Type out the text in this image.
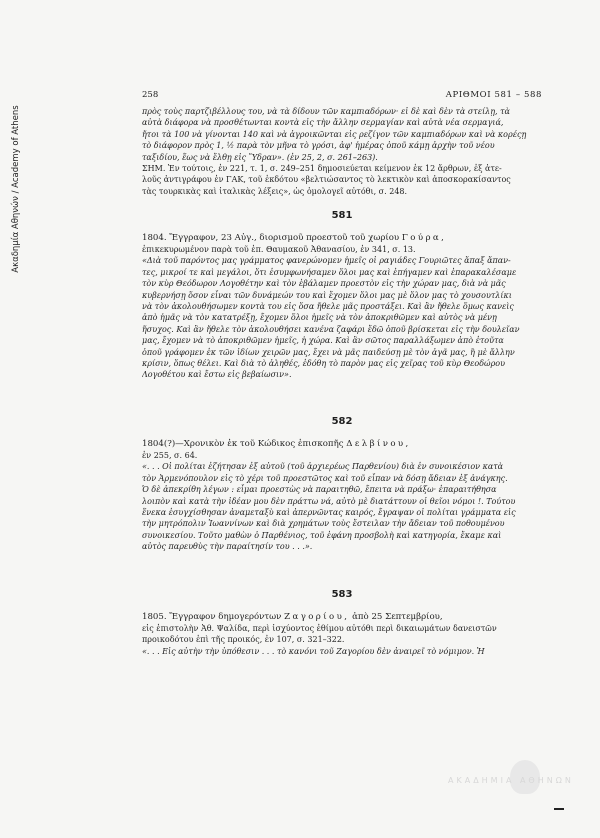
Ακαδημία Αθηνών / Academy of Athens
258	ΑΡΙΘΜΟΙ 581 – 588
πρὸς τοὺς παρτζιβέλλους του, νὰ τὰ δίδουν τῶν καμπιαδόρων· εἰ δὲ καὶ δὲν τὰ στείλῃ, τὰ
αὐτὰ διάφορα νὰ προσθέτωνται κοντὰ εἰς τὴν ἄλλην σερμαγίαν καὶ αὐτὰ νέα σερμαγιά,
ἤτοι τὰ 100 νὰ γίνονται 140 καὶ νὰ ἀγροικῶνται εἰς ρεζίγον τῶν καμπιαδόρων καὶ νὰ κορέςῃ
τὸ διάφορον πρὸς 1, ½ παρὰ τὸν μῆνα τὸ γρόσι, ἀφ' ἡμέρας ὁποῦ κάμῃ ἀρχὴν τοῦ νέου
ταξιδίου, ἕως νὰ ἔλθῃ εἰς Ὕδραν». (ἐν 25, 2, σ. 261–263).
ΣΗΜ. Ἐν τούτοις, ἐν 221, τ. 1, σ. 249–251 δημοσιεύεται κείμενον ἐκ 12 ἄρθρων, ἐξ ἀτε-
λοῦς ἀντιγράφου ἐν ΓΑΚ, τοῦ ἐκδότου «βελτιώσαντος τὸ λεκτικὸν καὶ ἀποσκορακίσαντος
τὰς τουρκικὰς καὶ ἰταλικὰς λέξεις», ὡς ὁμολογεῖ αὐτόθι, σ. 248.
581
1804. Ἔγγραφον, 23 Αὐγ., διορισμοῦ προεστοῦ τοῦ χωρίου Γούρα,
ἐπικεκυρωμένον παρὰ τοῦ ἐπ. Θαυμακοῦ Ἀθανασίου, ἐν 341, σ. 13.
«Διὰ τοῦ παρόντος μας γράμματος φανερώνομεν ἡμεῖς οἱ ραγιάδες Γουριῶτες ἅπαξ ἅπαν-
τες, μικροί τε καὶ μεγάλοι, ὅτι ἐσυμφωνήσαμεν ὅλοι μας καὶ ἐπήγαμεν καὶ ἐπαρακαλέσαμε
τὸν κὺρ Θεόδωρον Λογοθέτην καὶ τὸν ἐβάλαμεν προεστὸν εἰς τὴν χώραν μας, διὰ νὰ μᾶς
κυβερνήσῃ ὅσον εἶναι τῶν δυνάμεών του καὶ ἔχομεν ὅλοι μας μὲ ὅλον μας τὸ χουσουτλίκι
νὰ τὸν ἀκολουθήσωμεν κοντὰ του εἰς ὅσα ἤθελε μᾶς προστάξει. Καὶ ἂν ἤθελε ὅμως κανεὶς
ἀπὸ ἡμᾶς νὰ τὸν κατατρέξῃ, ἔχομεν ὅλοι ἡμεῖς νὰ τὸν ἀποκριθῶμεν καὶ αὐτὸς νὰ μένῃ
ἥσυχος. Καὶ ἂν ἤθελε τὸν ἀκολουθήσει κανένα ζαφάρι ἔδῶ ὁποῦ βρίσκεται εἰς τὴν δουλεῖαν
μας, ἔχομεν νὰ τὸ ἀποκριθῶμεν ἡμεῖς, ἡ χώρα. Καὶ ἂν σῶτος παραλλάξωμεν ἀπὸ ἐτοῦτα
ὁποῦ γράφομεν ἐκ τῶν ἰδίων χειρῶν μας, ἔχει νὰ μᾶς παιδεύσῃ μὲ τὸν ἀγᾶ μας, ἢ μὲ ἄλλην
κρίσιν, ὅπως θέλει. Καὶ διὰ τὸ ἀληθές, ἐδόθη τὸ παρὸν μας εἰς χεῖρας τοῦ κὺρ Θεοδώρου
Λογοθέτου καὶ ἔστω εἰς βεβαίωσιν».
582
1804(?)—Χρονικὸν ἐκ τοῦ Κώδικος ἐπισκοπῆς Δελβίνου,
ἐν 255, σ. 64.
«. . . Οἱ πολίται ἐζήτησαν ἐξ αὐτοῦ (τοῦ ἀρχιερέως Παρθενίου) διὰ ἐν συνοικέσιον κατὰ
τὸν Ἀρμενόπουλον εἰς τὸ χέρι τοῦ προεστῶτος καὶ τοῦ εἶπαν νὰ δόσῃ ἄδειαν ἐξ ἀνάγκης.
Ὁ δὲ ἀπεκρίθη λέγων : εἶμαι προεστὼς νὰ παραιτηθῶ, ἔπειτα νὰ πράξω· ἐπαραιτήθησα
λοιπὸν καὶ κατὰ τὴν ἰδέαν μου δὲν πράττω νά, αὐτὸ μὲ διατάττουν οἱ θεῖοι νόμοι !. Τούτου
ἕνεκα ἐσυγχίσθησαν ἀναμεταξὺ καὶ ἀπερνῶντας καιρός, ἔγραψαν οἱ πολίται γράμματα εἰς
τὴν μητρόπολιν Ἰωαννίνων καὶ διὰ χρημάτων τοὺς ἔστειλαν τὴν ἄδειαν τοῦ ποθουμένου
συνοικεσίου. Τοῦτο μαθὼν ὁ Παρθένιος, τοῦ ἐφάνη προσβολὴ καὶ κατηγορία, ἔκαμε καὶ
αὐτὸς παρευθὺς τὴν παραίτησίν του . . .».
583
1805. Ἔγγραφον δημογερόντων Ζαγορίου, ἀπὸ 25 Σεπτεμβρίου,
εἰς ἐπιστολὴν Ἀθ. Ψαλίδα, περὶ ἰσχύοντος ἐθίμου αὐτόθι περὶ δικαιωμάτων δανειστῶν
προικοδότου ἐπὶ τῆς προικός, ἐν 107, σ. 321–322.
«. . . Εἰς αὐτὴν τὴν ὑπόθεσιν . . . τὸ κανόνι τοῦ Ζαγορίου δὲν ἀναιρεῖ τὸ νόμιμον. Ἡ
ΑΚΑΔΗΜΙΑ ΑΘΗΝΩΝ
